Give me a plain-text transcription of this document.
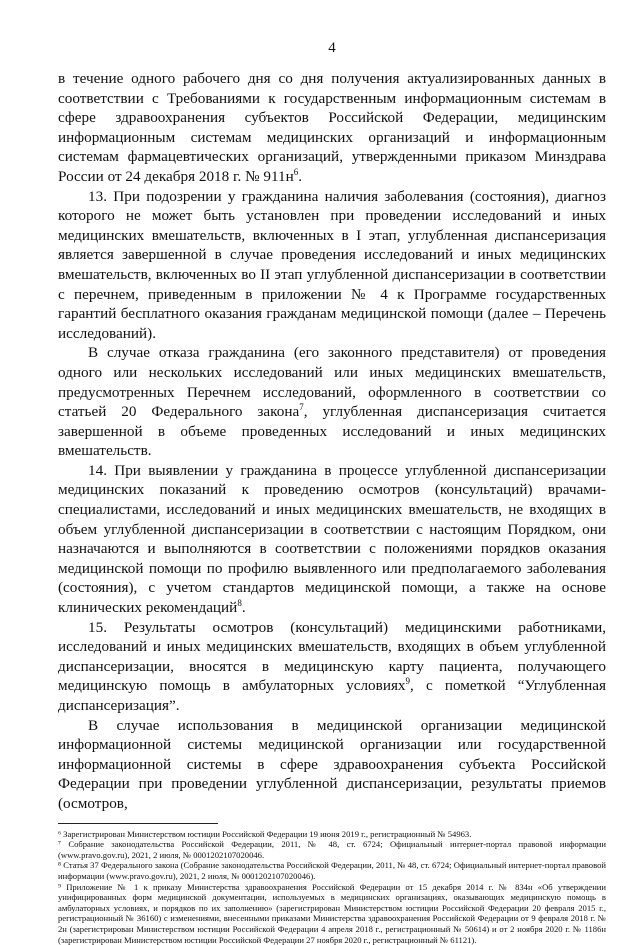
4

в течение одного рабочего дня со дня получения актуализированных данных в соответствии с Требованиями к государственным информационным системам в сфере здравоохранения субъектов Российской Федерации, медицинским информационным системам медицинских организаций и информационным системам фармацевтических организаций, утвержденными приказом Минздрава России от 24 декабря 2018 г. № $911н^6$.

13. При подозрении у гражданина наличия заболевания (состояния), диагноз которого не может быть установлен при проведении исследований и иных медицинских вмешательств, включенных в I этап, углубленная диспансеризация является завершенной в случае проведения исследований и иных медицинских вмешательств, включенных во II этап углубленной диспансеризации в соответствии с перечнем, приведенным в приложении № 4 к Программе государственных гарантий бесплатного оказания гражданам медицинской помощи (далее – Перечень исследований).

В случае отказа гражданина (его законного представителя) от проведения одного или нескольких исследований или иных медицинских вмешательств, предусмотренных Перечнем исследований, оформленного в соответствии со статьей 20 Федерального закона$^7$, углубленная диспансеризация считается завершенной в объеме проведенных исследований и иных медицинских вмешательств.

14. При выявлении у гражданина в процессе углубленной диспансеризации медицинских показаний к проведению осмотров (консультаций) врачами-специалистами, исследований и иных медицинских вмешательств, не входящих в объем углубленной диспансеризации в соответствии с настоящим Порядком, они назначаются и выполняются в соответствии с положениями порядков оказания медицинской помощи по профилю выявленного или предполагаемого заболевания (состояния), с учетом стандартов медицинской помощи, а также на основе клинических рекомендаций$^8$.

15. Результаты осмотров (консультаций) медицинскими работниками, исследований и иных медицинских вмешательств, входящих в объем углубленной диспансеризации, вносятся в медицинскую карту пациента, получающего медицинскую помощь в амбулаторных условиях$^9$, с пометкой “Углубленная диспансеризация”.

В случае использования в медицинской организации медицинской информационной системы медицинской организации или государственной информационной системы в сфере здравоохранения субъекта Российской Федерации при проведении углубленной диспансеризации, результаты приемов (осмотров,

⁶ Зарегистрирован Министерством юстиции Российской Федерации 19 июня 2019 г., регистрационный № 54963.

⁷ Собрание законодательства Российской Федерации, 2011, № 48, ст. 6724; Официальный интернет-портал правовой информации (www.pravo.gov.ru), 2021, 2 июля, № 0001202107020046.

⁸ Статья 37 Федерального закона (Собрание законодательства Российской Федерации, 2011, № 48, ст. 6724; Официальный интернет-портал правовой информации (www.pravo.gov.ru), 2021, 2 июля, № 0001202107020046).

⁹ Приложение № 1 к приказу Министерства здравоохранения Российской Федерации от 15 декабря 2014 г. № 834н «Об утверждении унифицированных форм медицинской документации, используемых в медицинских организациях, оказывающих медицинскую помощь в амбулаторных условиях, и порядков по их заполнению» (зарегистрирован Министерством юстиции Российской Федерации 20 февраля 2015 г., регистрационный № 36160) с изменениями, внесенными приказами Министерства здравоохранения Российской Федерации от 9 февраля 2018 г. № 2н (зарегистрирован Министерством юстиции Российской Федерации 4 апреля 2018 г., регистрационный № 50614) и от 2 ноября 2020 г. № 1186н (зарегистрирован Министерством юстиции Российской Федерации 27 ноября 2020 г., регистрационный № 61121).
